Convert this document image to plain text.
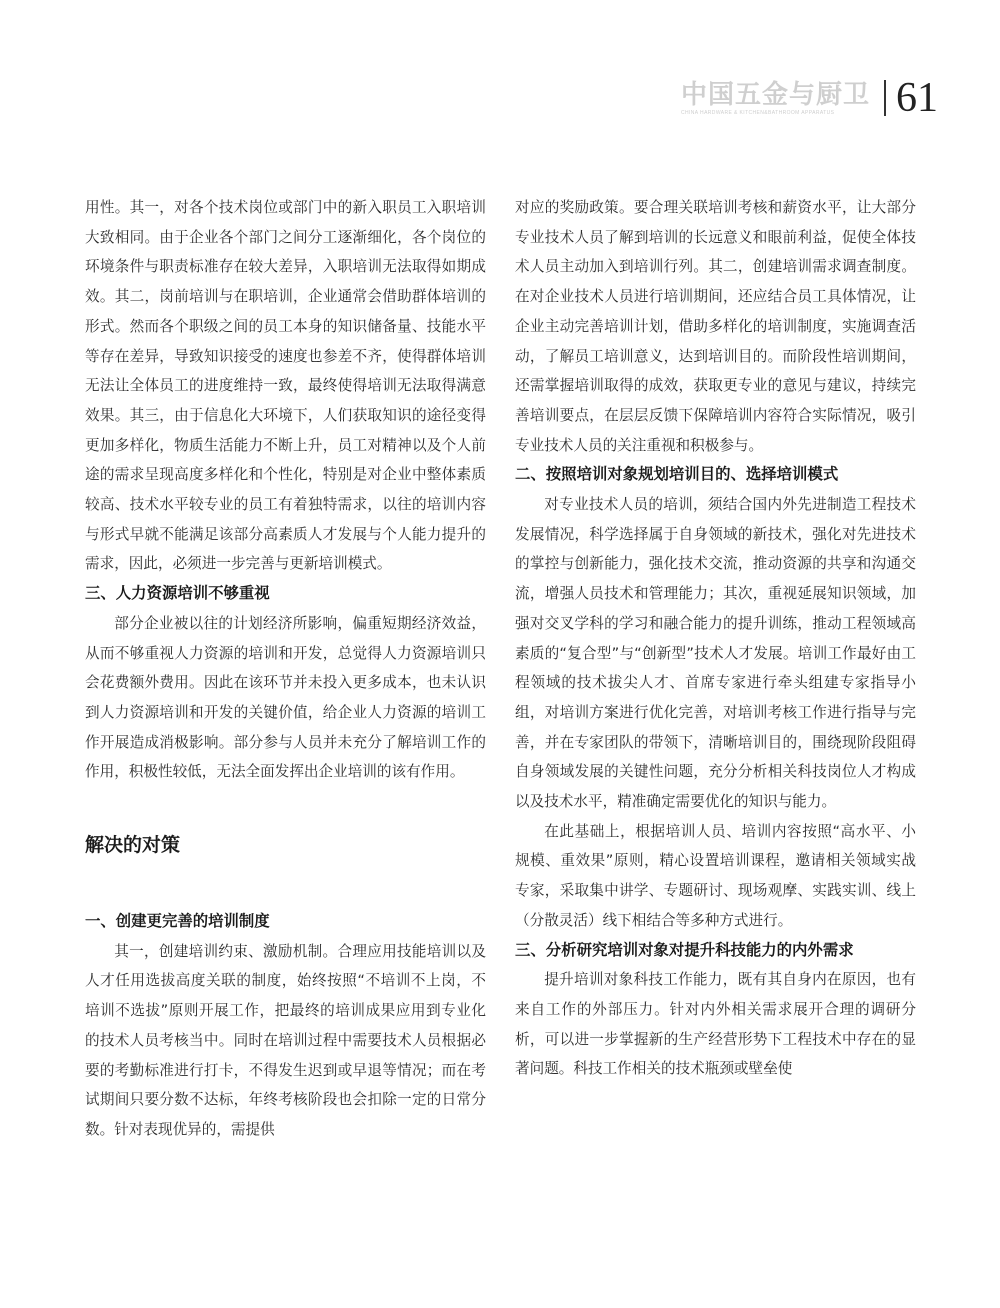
中国五金与厨卫
CHINA HARDWARE & KITCHEN&BATHROOM APPARATUS 61

用性。其一，对各个技术岗位或部门中的新入职员工入职培训大致相同。由于企业各个部门之间分工逐渐细化，各个岗位的环境条件与职责标准存在较大差异，入职培训无法取得如期成效。其二，岗前培训与在职培训，企业通常会借助群体培训的形式。然而各个职级之间的员工本身的知识储备量、技能水平等存在差异，导致知识接受的速度也参差不齐，使得群体培训无法让全体员工的进度维持一致，最终使得培训无法取得满意效果。其三，由于信息化大环境下，人们获取知识的途径变得更加多样化，物质生活能力不断上升，员工对精神以及个人前途的需求呈现高度多样化和个性化，特别是对企业中整体素质较高、技术水平较专业的员工有着独特需求，以往的培训内容与形式早就不能满足该部分高素质人才发展与个人能力提升的需求，因此，必须进一步完善与更新培训模式。

三、人力资源培训不够重视

部分企业被以往的计划经济所影响，偏重短期经济效益，从而不够重视人力资源的培训和开发，总觉得人力资源培训只会花费额外费用。因此在该环节并未投入更多成本，也未认识到人力资源培训和开发的关键价值，给企业人力资源的培训工作开展造成消极影响。部分参与人员并未充分了解培训工作的作用，积极性较低，无法全面发挥出企业培训的该有作用。

解决的对策

一、创建更完善的培训制度

其一，创建培训约束、激励机制。合理应用技能培训以及人才任用选拔高度关联的制度，始终按照“不培训不上岗，不培训不选拔”原则开展工作，把最终的培训成果应用到专业化的技术人员考核当中。同时在培训过程中需要技术人员根据必要的考勤标准进行打卡，不得发生迟到或早退等情况；而在考试期间只要分数不达标，年终考核阶段也会扣除一定的日常分数。针对表现优异的，需提供

对应的奖励政策。要合理关联培训考核和薪资水平，让大部分专业技术人员了解到培训的长远意义和眼前利益，促使全体技术人员主动加入到培训行列。其二，创建培训需求调查制度。在对企业技术人员进行培训期间，还应结合员工具体情况，让企业主动完善培训计划，借助多样化的培训制度，实施调查活动，了解员工培训意义，达到培训目的。而阶段性培训期间，还需掌握培训取得的成效，获取更专业的意见与建议，持续完善培训要点，在层层反馈下保障培训内容符合实际情况，吸引专业技术人员的关注重视和积极参与。

二、按照培训对象规划培训目的、选择培训模式

对专业技术人员的培训，须结合国内外先进制造工程技术发展情况，科学选择属于自身领域的新技术，强化对先进技术的掌控与创新能力，强化技术交流，推动资源的共享和沟通交流，增强人员技术和管理能力；其次，重视延展知识领域，加强对交叉学科的学习和融合能力的提升训练，推动工程领域高素质的“复合型”与“创新型”技术人才发展。培训工作最好由工程领域的技术拔尖人才、首席专家进行牵头组建专家指导小组，对培训方案进行优化完善，对培训考核工作进行指导与完善，并在专家团队的带领下，清晰培训目的，围绕现阶段阻碍自身领域发展的关键性问题，充分分析相关科技岗位人才构成以及技术水平，精准确定需要优化的知识与能力。

在此基础上，根据培训人员、培训内容按照“高水平、小规模、重效果”原则，精心设置培训课程，邀请相关领域实战专家，采取集中讲学、专题研讨、现场观摩、实践实训、线上（分散灵活）线下相结合等多种方式进行。

三、分析研究培训对象对提升科技能力的内外需求

提升培训对象科技工作能力，既有其自身内在原因，也有来自工作的外部压力。针对内外相关需求展开合理的调研分析，可以进一步掌握新的生产经营形势下工程技术中存在的显著问题。科技工作相关的技术瓶颈或壁垒使
